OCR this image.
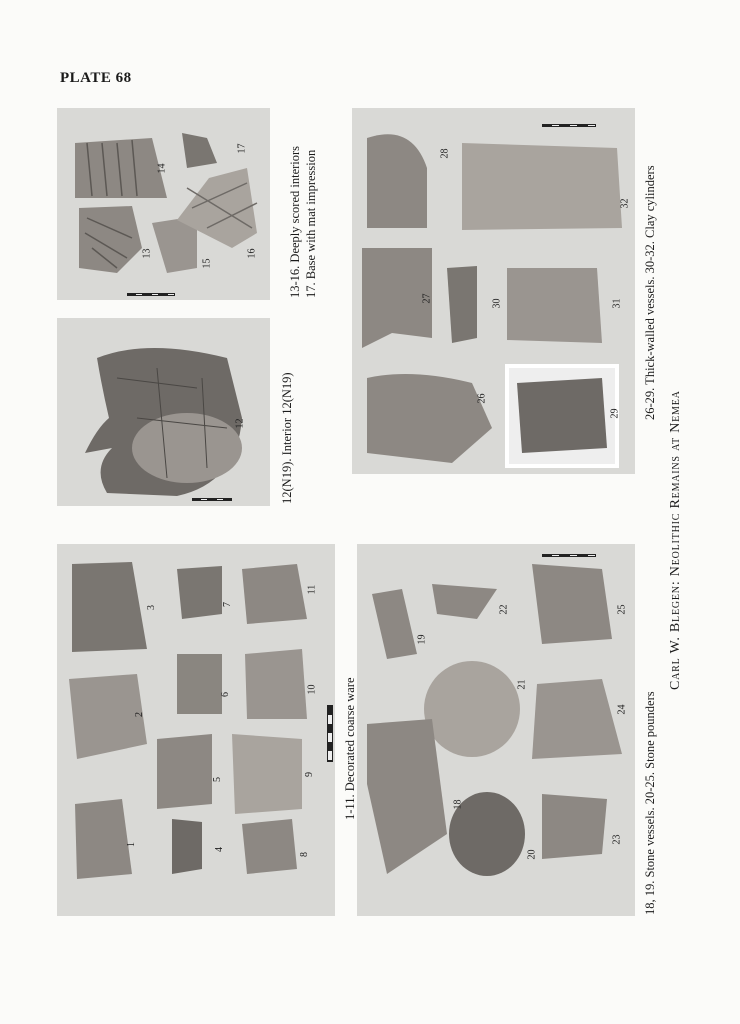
PLATE 68
12
14
13
15
16
17	13-16. Deeply scored interiors 17. Base with mat impression
12(N19). Interior 12(N19)
28
32
27	30	31
26
29 26-29. Thick-walled vessels. 30-32. Clay cylinders
3
2
1
7
6
5
4
11
10
9
8
1-11. Decorated coarse ware
19
22	25
21
24
18
20
23 18, 19. Stone vessels. 20-25. Stone pounders
Carl W. Blegen: Neolithic Remains at Nemea
